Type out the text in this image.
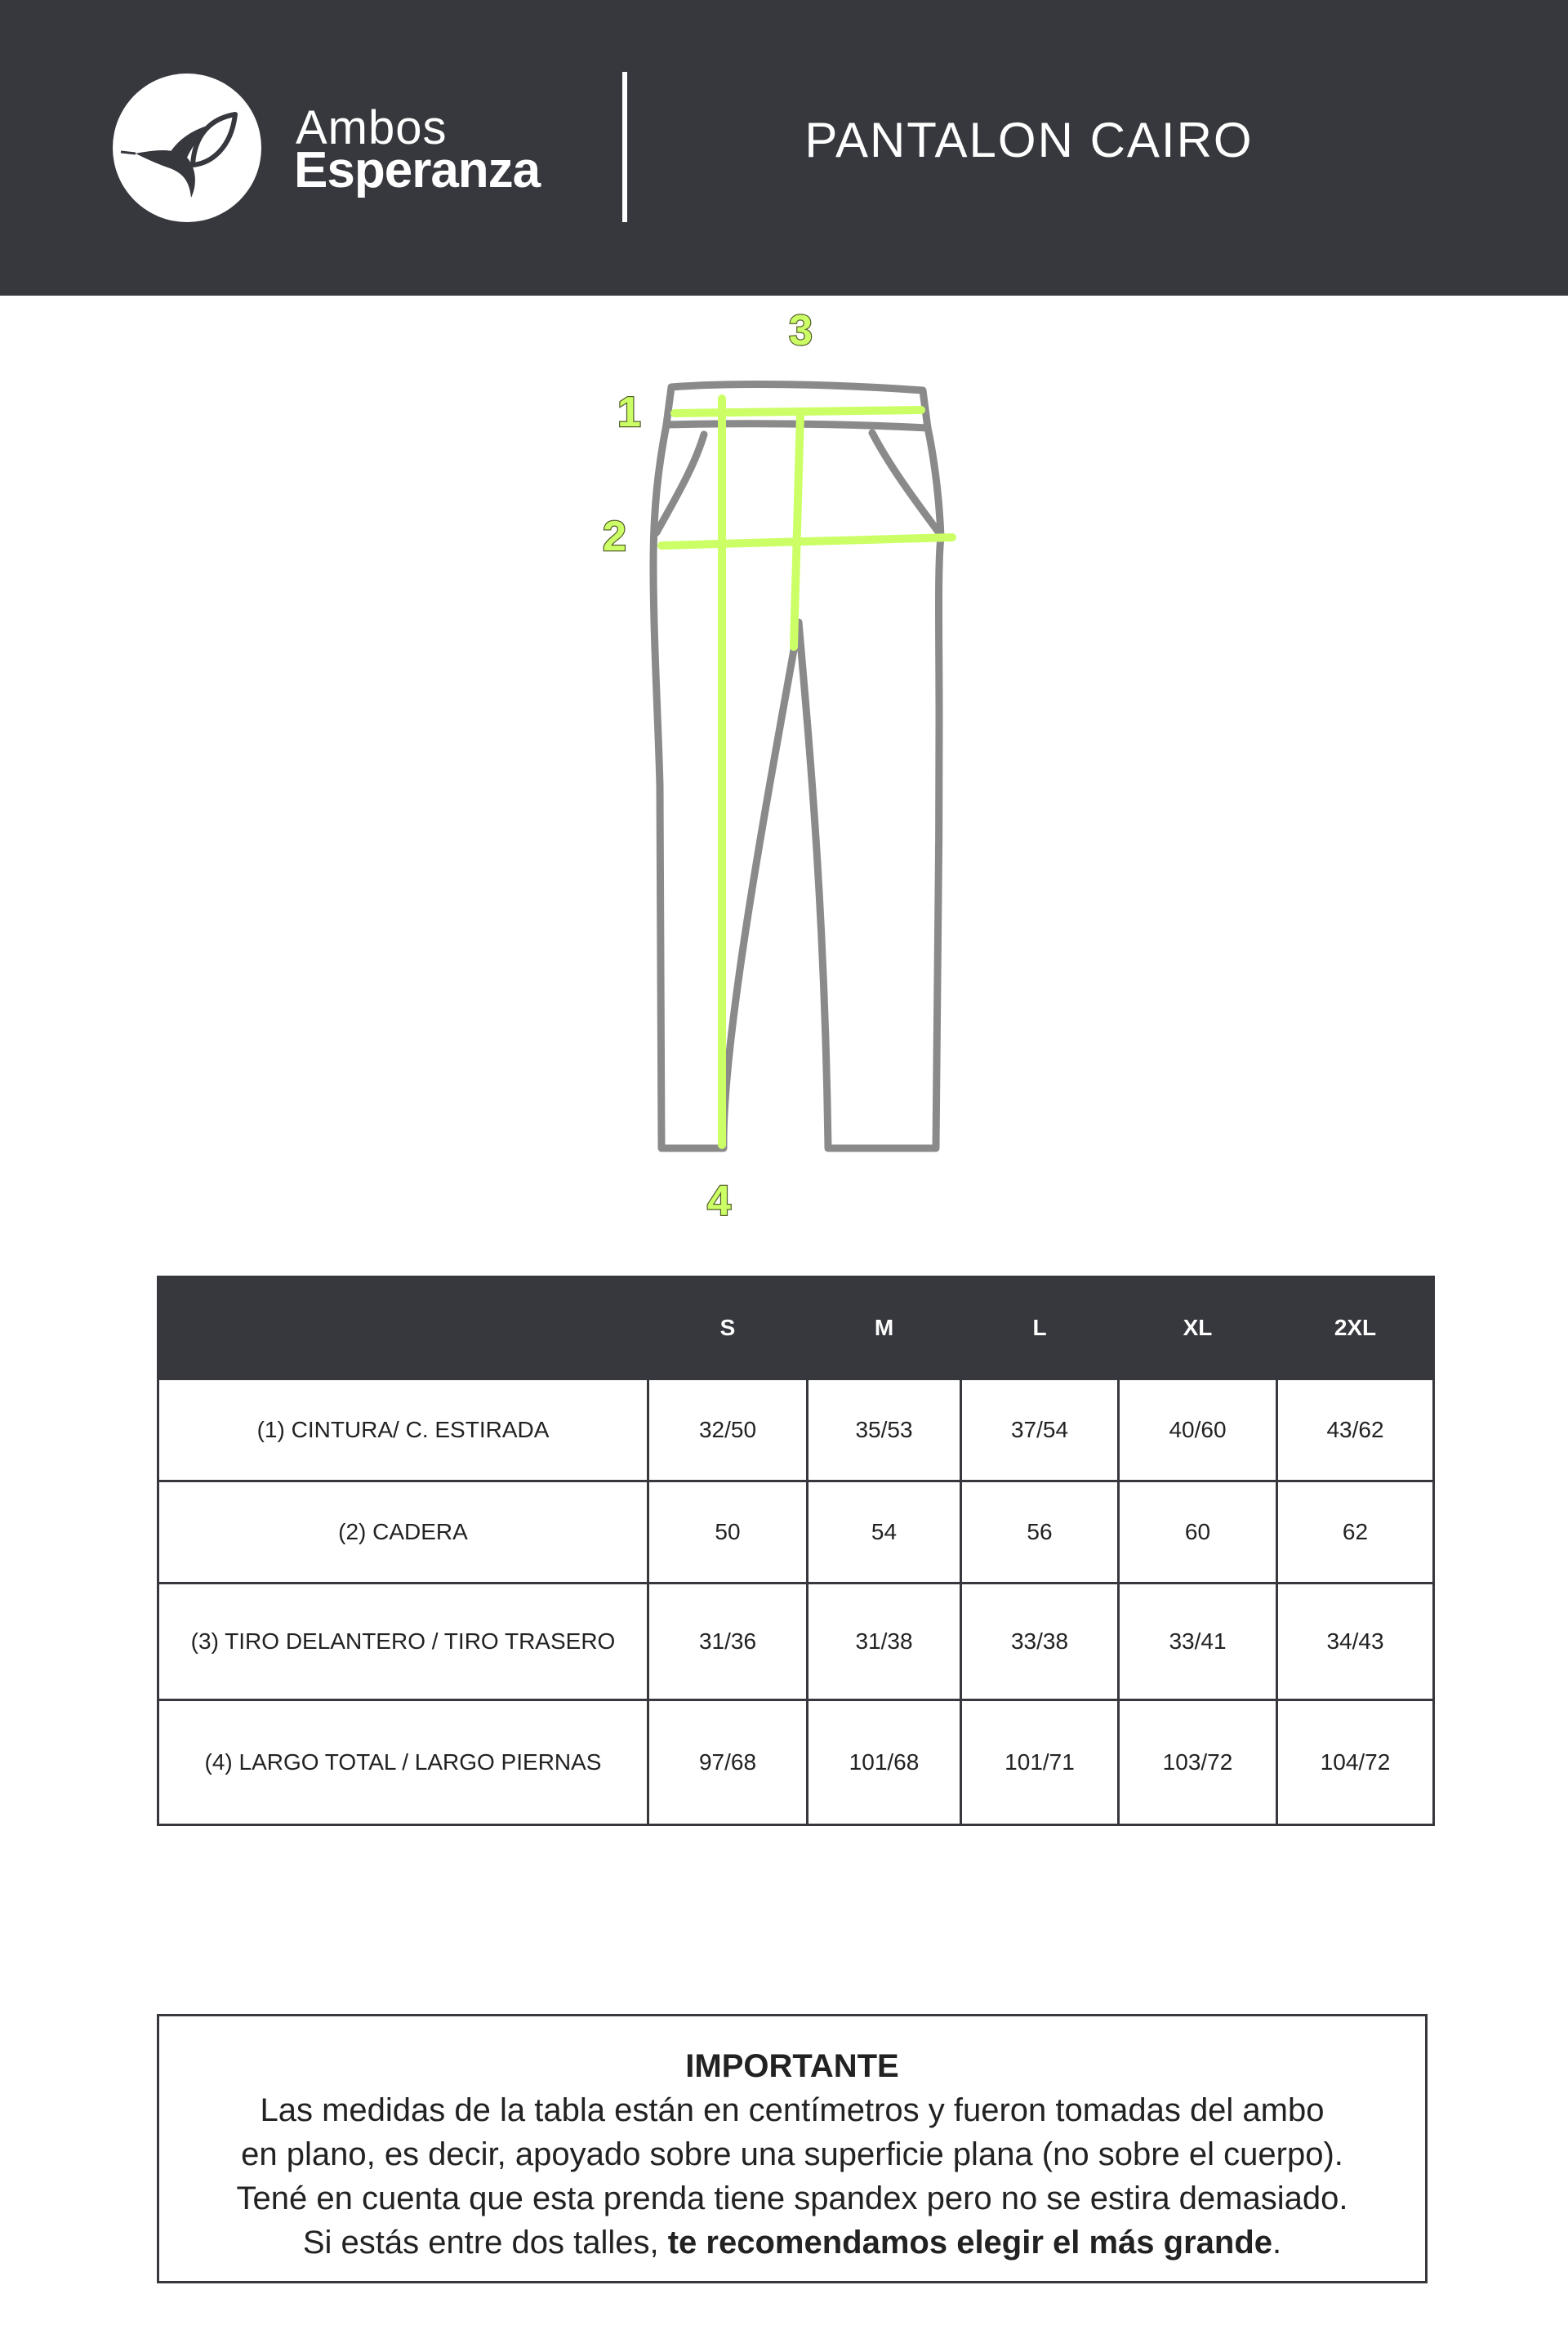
Ambos
Esperanza
PANTALON CAIRO
1
2
3
4
	S	M	L	XL	2XL
(1) CINTURA/ C. ESTIRADA	32/50	35/53	37/54	40/60	43/62
(2) CADERA	50	54	56	60	62
(3) TIRO DELANTERO / TIRO TRASERO	31/36	31/38	33/38	33/41	34/43
(4) LARGO TOTAL / LARGO PIERNAS	97/68	101/68	101/71	103/72	104/72
IMPORTANTE
Las medidas de la tabla están en centímetros y fueron tomadas del ambo
en plano, es decir, apoyado sobre una superficie plana (no sobre el cuerpo).
Tené en cuenta que esta prenda tiene spandex pero no se estira demasiado.
Si estás entre dos talles, te recomendamos elegir el más grande.
